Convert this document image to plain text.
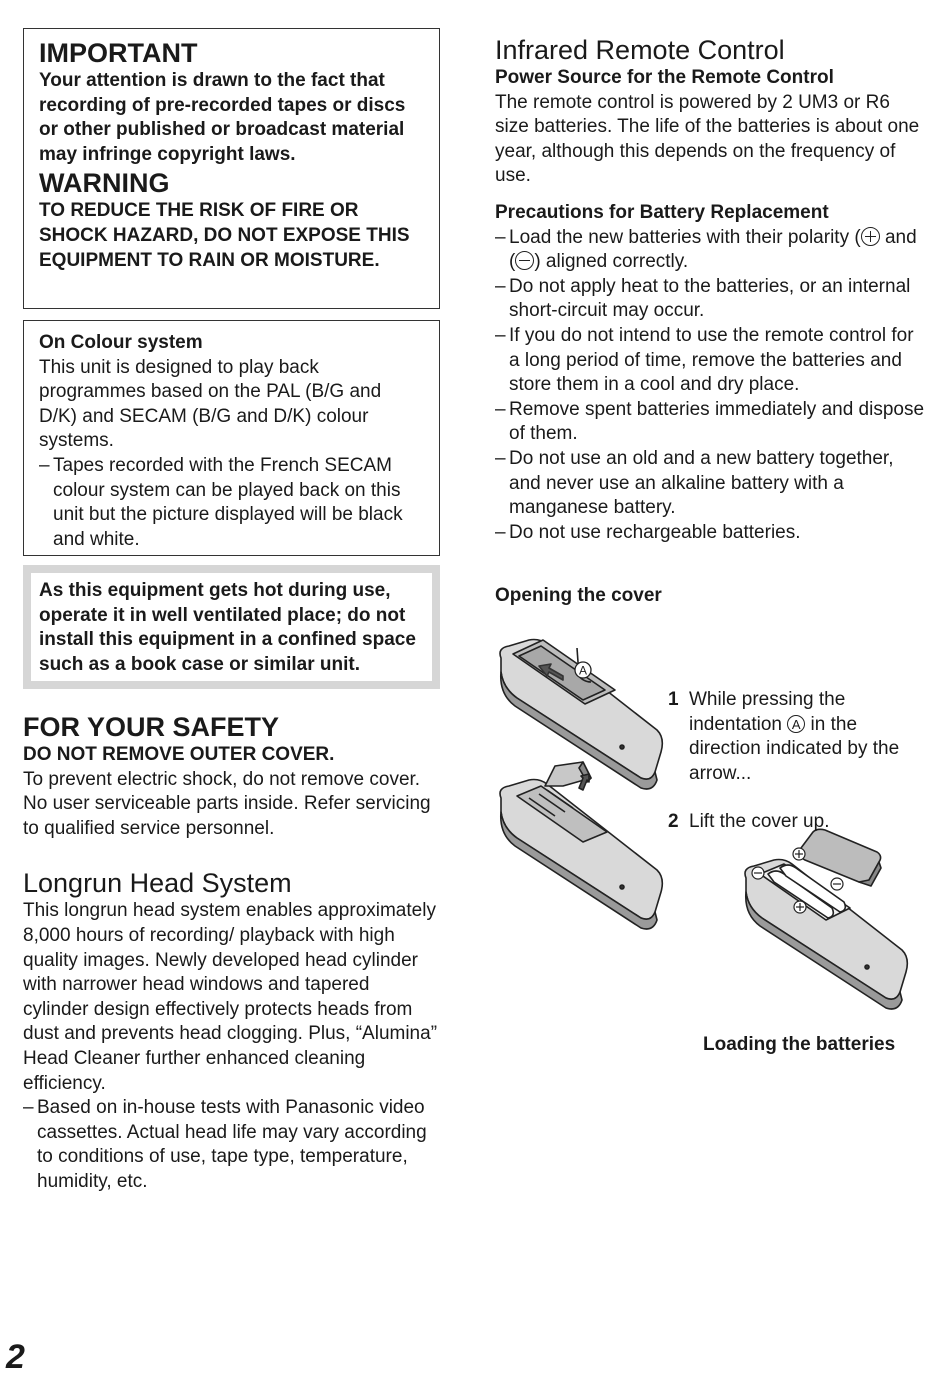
IMPORTANT
Your attention is drawn to the fact that recording of pre-recorded tapes or discs or other published or broadcast material may infringe copyright laws.
WARNING
TO REDUCE THE RISK OF FIRE OR SHOCK HAZARD, DO NOT EXPOSE THIS EQUIPMENT TO RAIN OR MOISTURE.
On Colour system
This unit is designed to play back programmes based on the PAL (B/G and D/K) and SECAM (B/G and D/K) colour systems.
– Tapes recorded with the French SECAM colour system can be played back on this unit but the picture displayed will be black and white.
As this equipment gets hot during use, operate it in well ventilated place; do not install this equipment in a confined space such as a book case or similar unit.
FOR YOUR SAFETY
DO NOT REMOVE OUTER COVER.
To prevent electric shock, do not remove cover. No user serviceable parts inside. Refer servicing to qualified service personnel.
Longrun Head System
This longrun head system enables approximately 8,000 hours of recording/ playback with high quality images. Newly developed head cylinder with narrower head windows and tapered cylinder design effectively protects heads from dust and prevents head clogging. Plus, “Alumina” Head Cleaner further enhanced cleaning efficiency.
– Based on in-house tests with Panasonic video cassettes. Actual head life may vary according to conditions of use, tape type, temperature, humidity, etc.
Infrared Remote Control
Power Source for the Remote Control
The remote control is powered by 2 UM3 or R6 size batteries. The life of the batteries is about one year, although this depends on the frequency of use.
Precautions for Battery Replacement
– Load the new batteries with their polarity ( and ( ) aligned correctly.
– Do not apply heat to the batteries, or an internal short-circuit may occur.
– If you do not intend to use the remote control for a long period of time, remove the batteries and store them in a cool and dry place.
– Remove spent batteries immediately and dispose of them.
– Do not use an old and a new battery together, and never use an alkaline battery with a manganese battery.
– Do not use rechargeable batteries.
Opening the cover
A
1 While pressing the indentation A in the direction indicated by the arrow...
2 Lift the cover up.
Loading the batteries
2
